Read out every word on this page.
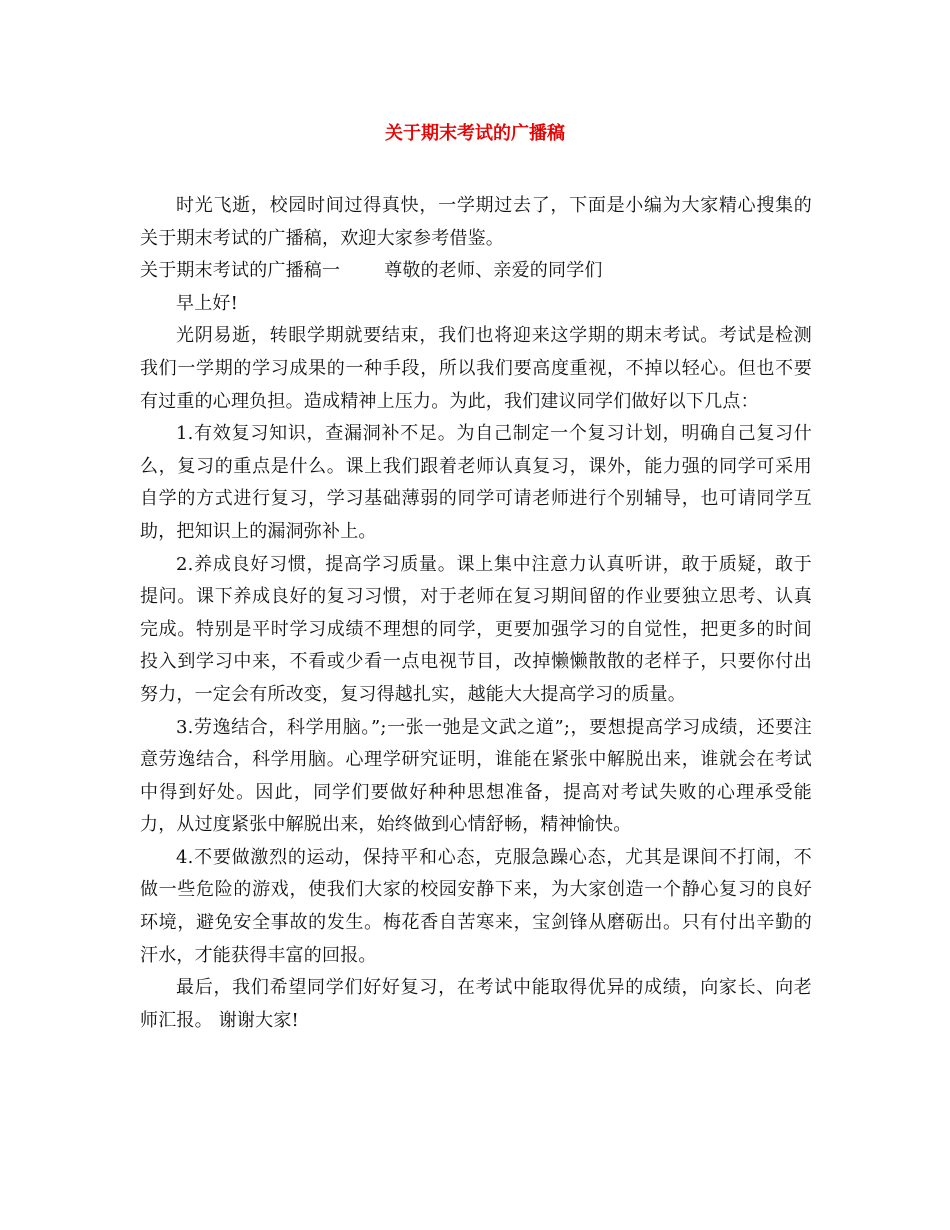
关于期末考试的广播稿

时光飞逝，校园时间过得真快，一学期过去了，下面是小编为大家精心搜集的关于期末考试的广播稿，欢迎大家参考借鉴。

关于期末考试的广播稿一 尊敬的老师、亲爱的同学们

早上好!

光阴易逝，转眼学期就要结束，我们也将迎来这学期的期末考试。考试是检测我们一学期的学习成果的一种手段，所以我们要高度重视，不掉以轻心。但也不要有过重的心理负担。造成精神上压力。为此，我们建议同学们做好以下几点：

1.有效复习知识，查漏洞补不足。为自己制定一个复习计划，明确自己复习什么，复习的重点是什么。课上我们跟着老师认真复习，课外，能力强的同学可采用自学的方式进行复习，学习基础薄弱的同学可请老师进行个别辅导，也可请同学互助，把知识上的漏洞弥补上。

2.养成良好习惯，提高学习质量。课上集中注意力认真听讲，敢于质疑，敢于提问。课下养成良好的复习习惯，对于老师在复习期间留的作业要独立思考、认真完成。特别是平时学习成绩不理想的同学，更要加强学习的自觉性，把更多的时间投入到学习中来，不看或少看一点电视节目，改掉懒懒散散的老样子，只要你付出努力，一定会有所改变，复习得越扎实，越能大大提高学习的质量。

3.劳逸结合，科学用脑。”;一张一弛是文武之道”;，要想提高学习成绩，还要注意劳逸结合，科学用脑。心理学研究证明，谁能在紧张中解脱出来，谁就会在考试中得到好处。因此，同学们要做好种种思想准备，提高对考试失败的心理承受能力，从过度紧张中解脱出来，始终做到心情舒畅，精神愉快。

4.不要做激烈的运动，保持平和心态，克服急躁心态，尤其是课间不打闹，不做一些危险的游戏，使我们大家的校园安静下来，为大家创造一个静心复习的良好环境，避免安全事故的发生。梅花香自苦寒来，宝剑锋从磨砺出。只有付出辛勤的汗水，才能获得丰富的回报。

最后，我们希望同学们好好复习，在考试中能取得优异的成绩，向家长、向老师汇报。 谢谢大家!
